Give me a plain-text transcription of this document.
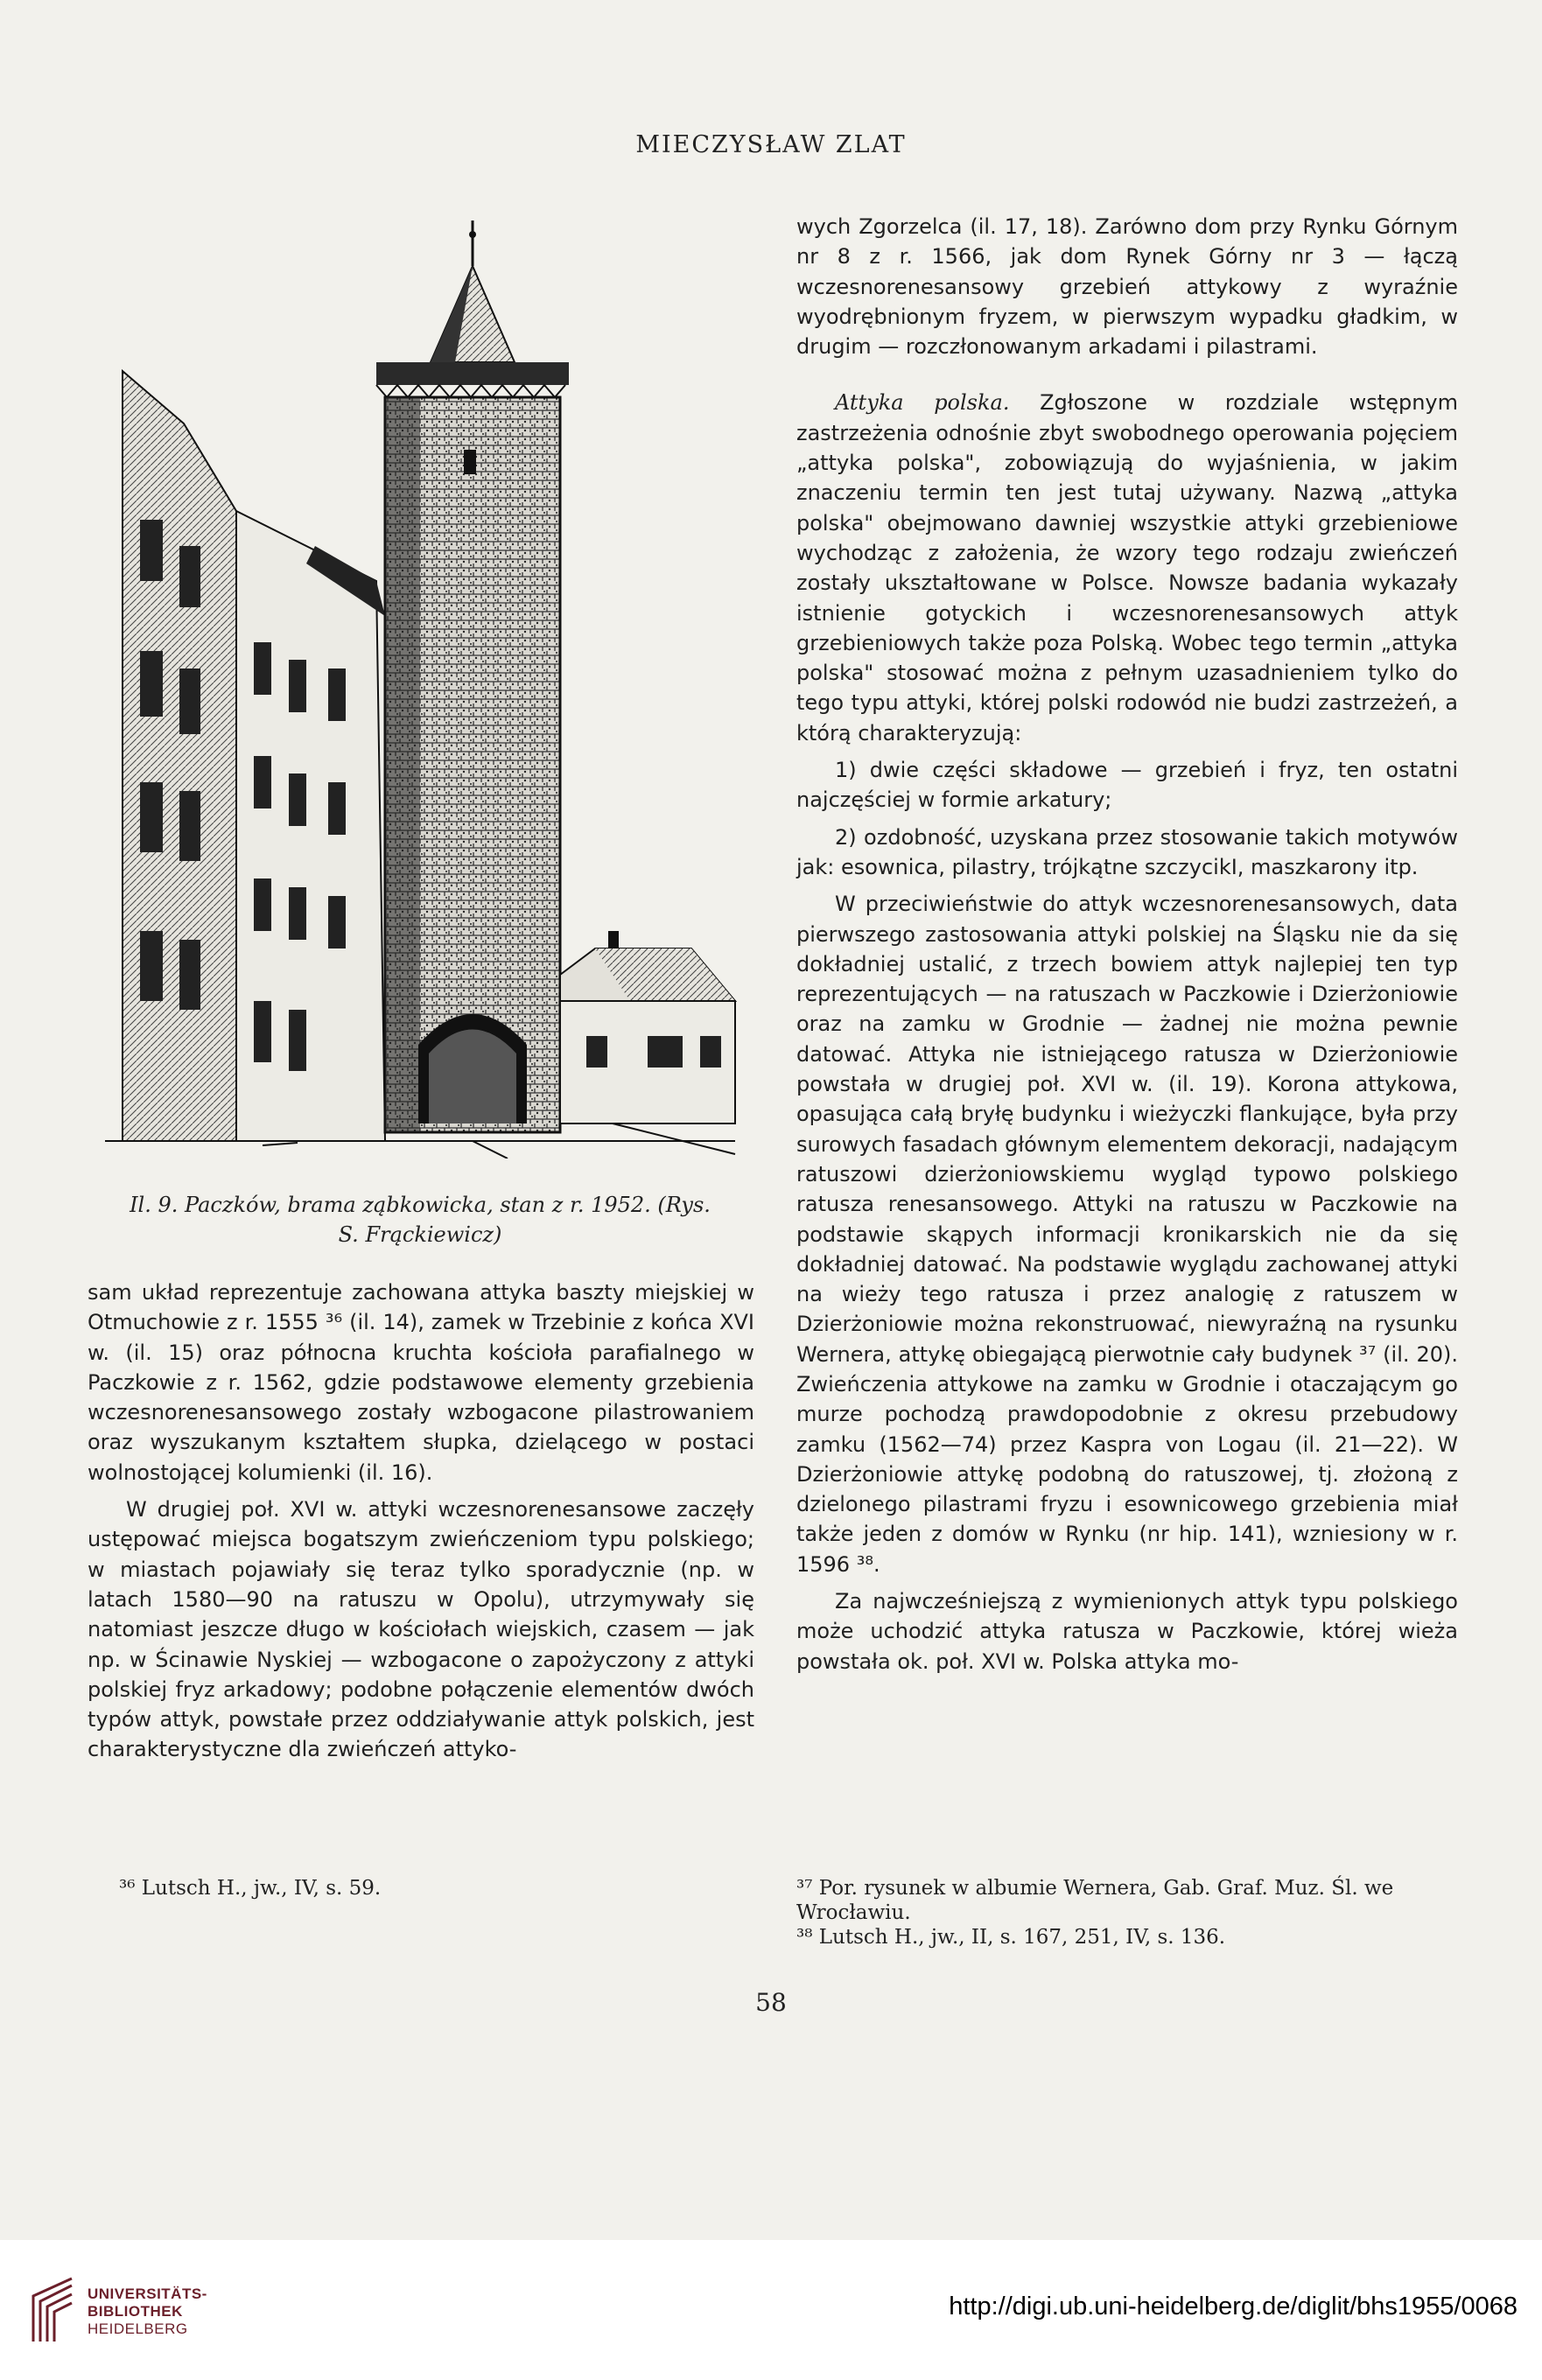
MIECZYSŁAW ZLAT
Il. 9. Paczków, brama ząbkowicka, stan z r. 1952. (Rys.
S. Frąckiewicz)

sam układ reprezentuje zachowana attyka baszty miejskiej w Otmuchowie z r. 1555 ³⁶ (il. 14), zamek w Trzebinie z końca XVI w. (il. 15) oraz północna kruchta kościoła parafialnego w Paczkowie z r. 1562, gdzie podstawowe elementy grzebienia wczesnorenesansowego zostały wzbogacone pilastrowaniem oraz wyszukanym kształtem słupka, dzielącego w postaci wolnostojącej kolumienki (il. 16).

W drugiej poł. XVI w. attyki wczesnorenesansowe zaczęły ustępować miejsca bogatszym zwieńczeniom typu polskiego; w miastach pojawiały się teraz tylko sporadycznie (np. w latach 1580—90 na ratuszu w Opolu), utrzymywały się natomiast jeszcze długo w kościołach wiejskich, czasem — jak np. w Ścinawie Nyskiej — wzbogacone o zapożyczony z attyki polskiej fryz arkadowy; podobne połączenie elementów dwóch typów attyk, powstałe przez oddziaływanie attyk polskich, jest charakterystyczne dla zwieńczeń attyko-

wych Zgorzelca (il. 17, 18). Zarówno dom przy Rynku Górnym nr 8 z r. 1566, jak dom Rynek Górny nr 3 — łączą wczesnorenesansowy grzebień attykowy z wyraźnie wyodrębnionym fryzem, w pierwszym wypadku gładkim, w drugim — rozczłonowanym arkadami i pilastrami.

Attyka polska. Zgłoszone w rozdziale wstępnym zastrzeżenia odnośnie zbyt swobodnego operowania pojęciem „attyka polska", zobowiązują do wyjaśnienia, w jakim znaczeniu termin ten jest tutaj używany. Nazwą „attyka polska" obejmowano dawniej wszystkie attyki grzebieniowe wychodząc z założenia, że wzory tego rodzaju zwieńczeń zostały ukształtowane w Polsce. Nowsze badania wykazały istnienie gotyckich i wczesnorenesansowych attyk grzebieniowych także poza Polską. Wobec tego termin „attyka polska" stosować można z pełnym uzasadnieniem tylko do tego typu attyki, której polski rodowód nie budzi zastrzeżeń, a którą charakteryzują:

1) dwie części składowe — grzebień i fryz, ten ostatni najczęściej w formie arkatury;

2) ozdobność, uzyskana przez stosowanie takich motywów jak: esownica, pilastry, trójkątne szczycikI, maszkarony itp.

W przeciwieństwie do attyk wczesnorenesansowych, data pierwszego zastosowania attyki polskiej na Śląsku nie da się dokładniej ustalić, z trzech bowiem attyk najlepiej ten typ reprezentujących — na ratuszach w Paczkowie i Dzierżoniowie oraz na zamku w Grodnie — żadnej nie można pewnie datować. Attyka nie istniejącego ratusza w Dzierżoniowie powstała w drugiej poł. XVI w. (il. 19). Korona attykowa, opasująca całą bryłę budynku i wieżyczki flankujące, była przy surowych fasadach głównym elementem dekoracji, nadającym ratuszowi dzierżoniowskiemu wygląd typowo polskiego ratusza renesansowego. Attyki na ratuszu w Paczkowie na podstawie skąpych informacji kronikarskich nie da się dokładniej datować. Na podstawie wyglądu zachowanej attyki na wieży tego ratusza i przez analogię z ratuszem w Dzierżoniowie można rekonstruować, niewyraźną na rysunku Wernera, attykę obiegającą pierwotnie cały budynek ³⁷ (il. 20). Zwieńczenia attykowe na zamku w Grodnie i otaczającym go murze pochodzą prawdopodobnie z okresu przebudowy zamku (1562—74) przez Kaspra von Logau (il. 21—22). W Dzierżoniowie attykę podobną do ratuszowej, tj. złożoną z dzielonego pilastrami fryzu i esownicowego grzebienia miał także jeden z domów w Rynku (nr hip. 141), wzniesiony w r. 1596 ³⁸.

Za najwcześniejszą z wymienionych attyk typu polskiego może uchodzić attyka ratusza w Paczkowie, której wieża powstała ok. poł. XVI w. Polska attyka mo-

³⁶ Lutsch H., jw., IV, s. 59.	³⁷ Por. rysunek w albumie Wernera, Gab. Graf. Muz. Śl. we Wrocławiu.
³⁸ Lutsch H., jw., II, s. 167, 251, IV, s. 136.
58
UNIVERSITÄTS-
BIBLIOTHEK
HEIDELBERG
http://digi.ub.uni-heidelberg.de/diglit/bhs1955/0068
